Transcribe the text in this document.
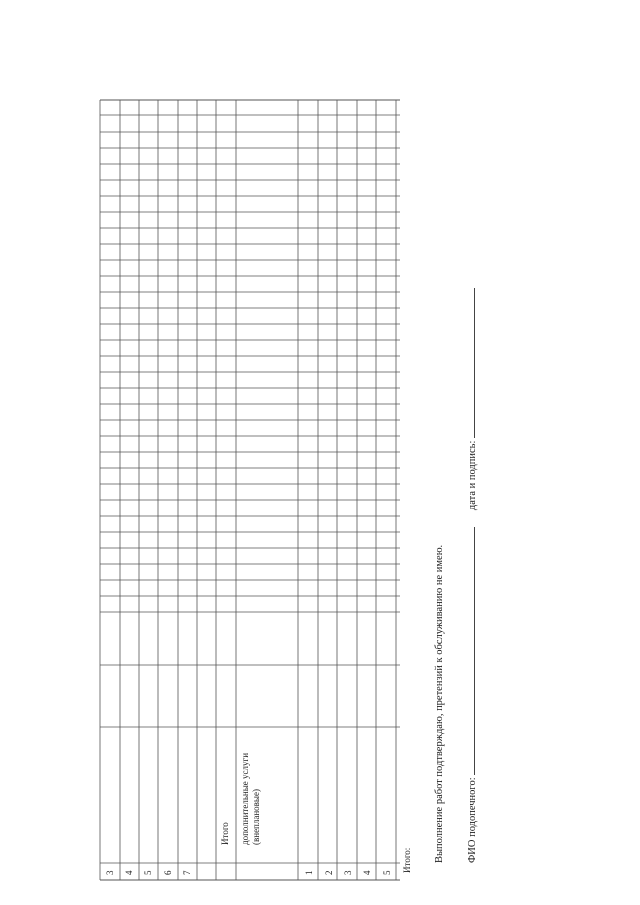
3 4 5 6 7
Итого дополнительные услуги (внеплановые)
1 2 3 4 5 Итого: Выполнение работ подтверждаю, претензий к обслуживанию не имею. ФИО подопечного:  дата и подпись:
